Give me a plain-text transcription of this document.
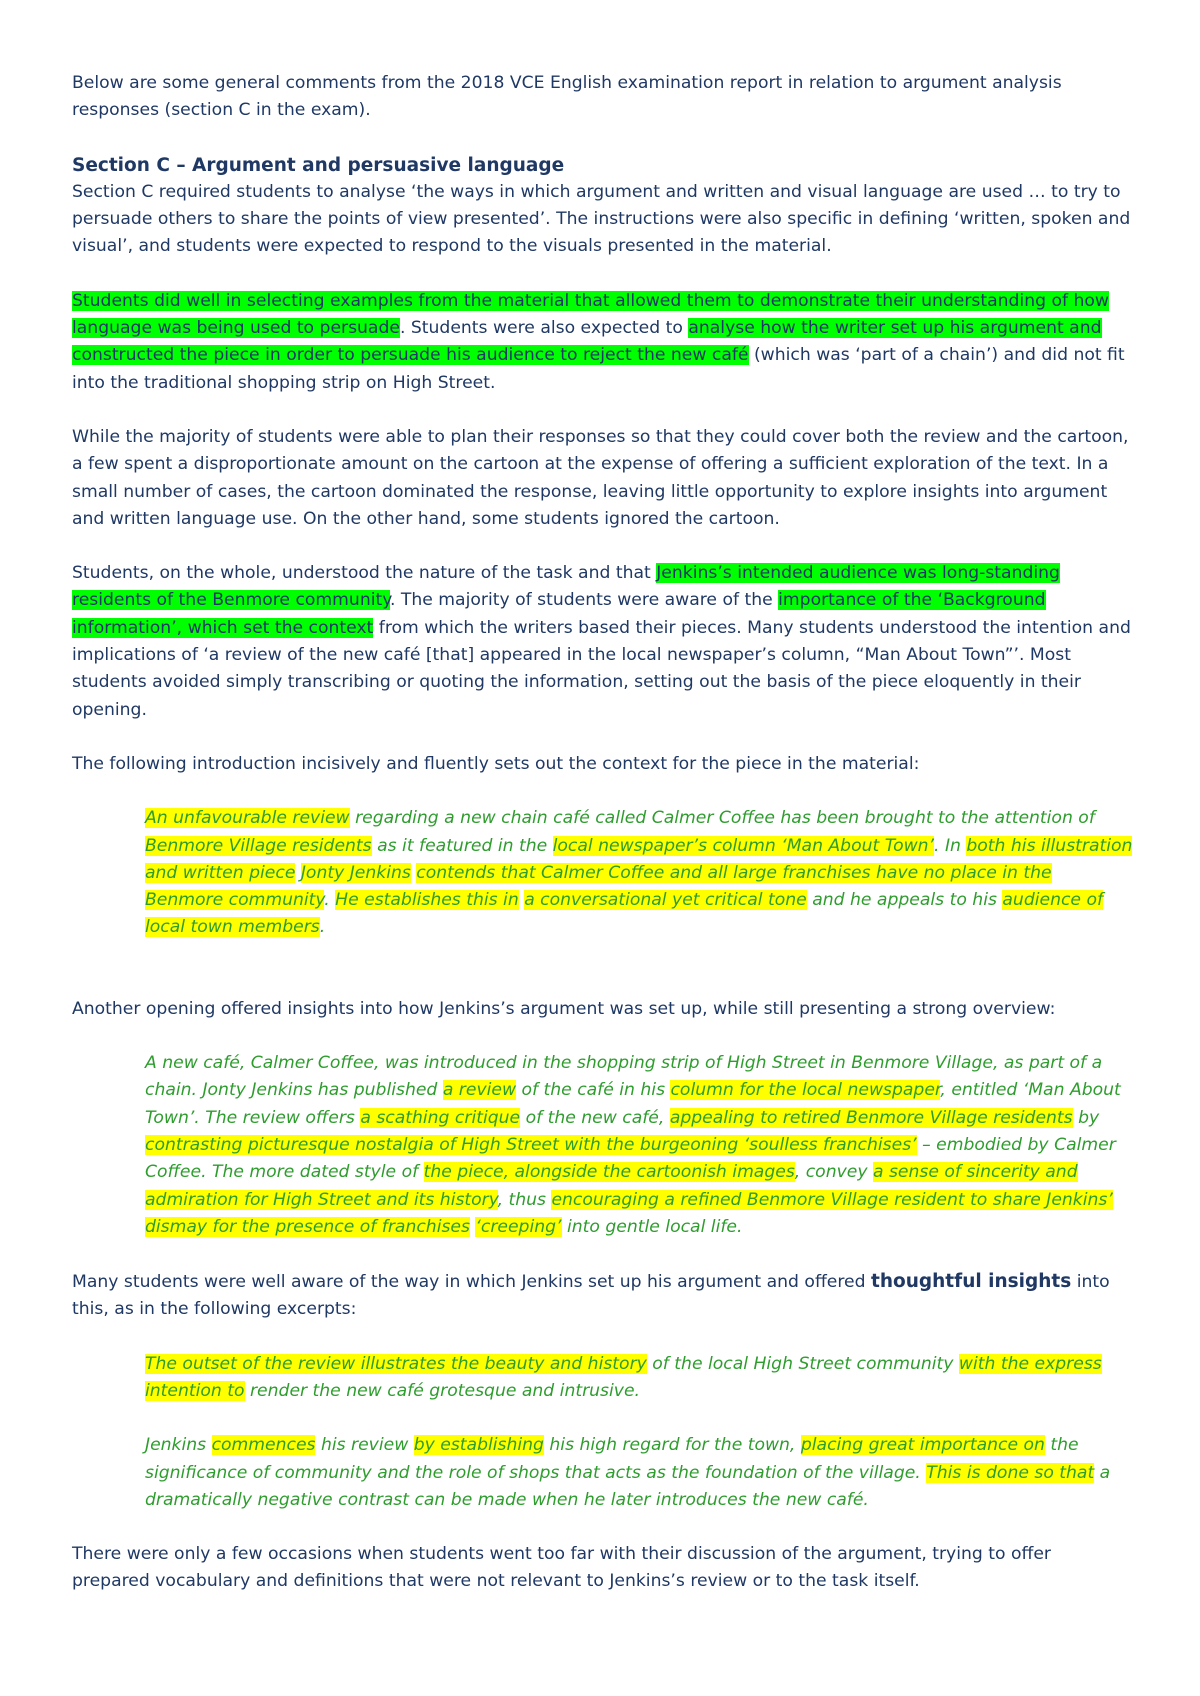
Below are some general comments from the 2018 VCE English examination report in relation to argument analysis responses (section C in the exam).

Section C – Argument and persuasive language

Section C required students to analyse ‘the ways in which argument and written and visual language are used … to try to persuade others to share the points of view presented’. The instructions were also specific in defining ‘written, spoken and visual’, and students were expected to respond to the visuals presented in the material.

Students did well in selecting examples from the material that allowed them to demonstrate their understanding of how language was being used to persuade. Students were also expected to analyse how the writer set up his argument and constructed the piece in order to persuade his audience to reject the new café (which was ‘part of a chain’) and did not fit into the traditional shopping strip on High Street.

While the majority of students were able to plan their responses so that they could cover both the review and the cartoon, a few spent a disproportionate amount on the cartoon at the expense of offering a sufficient exploration of the text. In a small number of cases, the cartoon dominated the response, leaving little opportunity to explore insights into argument and written language use. On the other hand, some students ignored the cartoon.

Students, on the whole, understood the nature of the task and that Jenkins’s intended audience was long-standing residents of the Benmore community. The majority of students were aware of the importance of the ‘Background information’, which set the context from which the writers based their pieces. Many students understood the intention and implications of ‘a review of the new café [that] appeared in the local newspaper’s column, “Man About Town”’. Most students avoided simply transcribing or quoting the information, setting out the basis of the piece eloquently in their opening.

The following introduction incisively and fluently sets out the context for the piece in the material:

An unfavourable review regarding a new chain café called Calmer Coffee has been brought to the attention of Benmore Village residents as it featured in the local newspaper’s column ‘Man About Town’. In both his illustration and written piece Jonty Jenkins contends that Calmer Coffee and all large franchises have no place in the Benmore community. He establishes this in a conversational yet critical tone and he appeals to his audience of local town members.

Another opening offered insights into how Jenkins’s argument was set up, while still presenting a strong overview:

A new café, Calmer Coffee, was introduced in the shopping strip of High Street in Benmore Village, as part of a chain. Jonty Jenkins has published a review of the café in his column for the local newspaper, entitled ‘Man About Town’. The review offers a scathing critique of the new café, appealing to retired Benmore Village residents by contrasting picturesque nostalgia of High Street with the burgeoning ‘soulless franchises’ – embodied by Calmer Coffee. The more dated style of the piece, alongside the cartoonish images, convey a sense of sincerity and admiration for High Street and its history, thus encouraging a refined Benmore Village resident to share Jenkins’ dismay for the presence of franchises ‘creeping’ into gentle local life.

Many students were well aware of the way in which Jenkins set up his argument and offered thoughtful insights into this, as in the following excerpts:

The outset of the review illustrates the beauty and history of the local High Street community with the express intention to render the new café grotesque and intrusive.

Jenkins commences his review by establishing his high regard for the town, placing great importance on the significance of community and the role of shops that acts as the foundation of the village. This is done so that a dramatically negative contrast can be made when he later introduces the new café.

There were only a few occasions when students went too far with their discussion of the argument, trying to offer prepared vocabulary and definitions that were not relevant to Jenkins’s review or to the task itself.
